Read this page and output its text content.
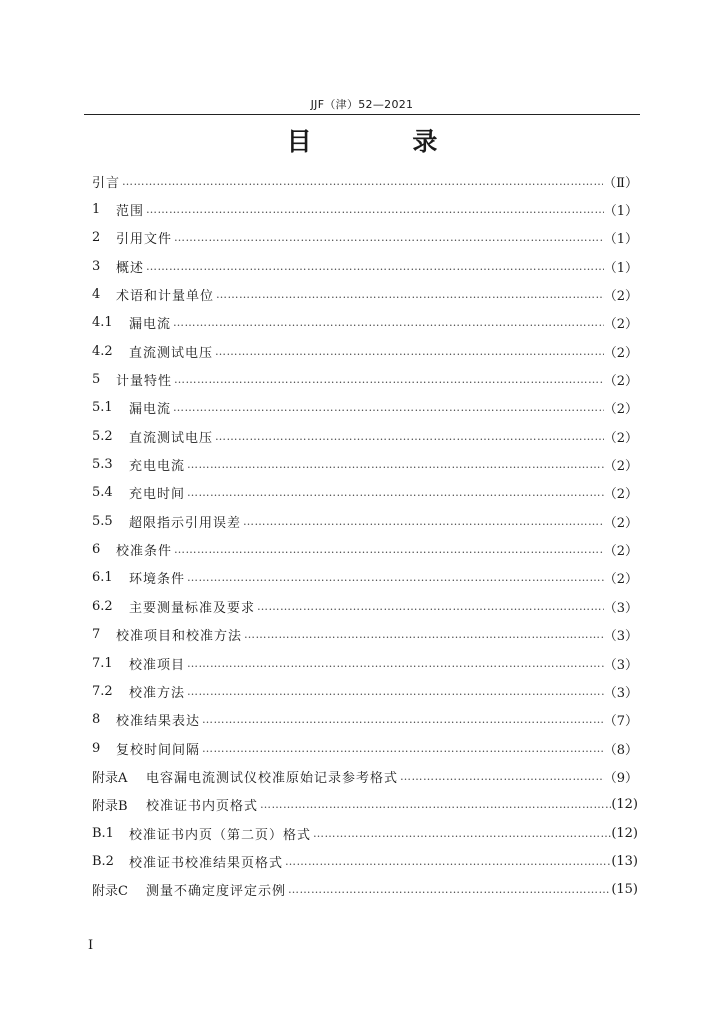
JJF（津）52—2021
目 录
引言 ……………………………………………………………………………………………………………………………………………………………………	（Ⅱ）
1	范围 ……………………………………………………………………………………………………………………………………………………………………	（1）
2	引用文件 ……………………………………………………………………………………………………………………………………………………………………	（1）
3	概述 ……………………………………………………………………………………………………………………………………………………………………	（1）
4	术语和计量单位 ……………………………………………………………………………………………………………………………………………………………………	（2）
4.1	漏电流 ……………………………………………………………………………………………………………………………………………………………………	（2）
4.2	直流测试电压 ……………………………………………………………………………………………………………………………………………………………………	（2）
5	计量特性 ……………………………………………………………………………………………………………………………………………………………………	（2）
5.1	漏电流 ……………………………………………………………………………………………………………………………………………………………………	（2）
5.2	直流测试电压 ……………………………………………………………………………………………………………………………………………………………………	（2）
5.3	充电电流 ……………………………………………………………………………………………………………………………………………………………………	（2）
5.4	充电时间 ……………………………………………………………………………………………………………………………………………………………………	（2）
5.5	超限指示引用误差 ……………………………………………………………………………………………………………………………………………………………………	（2）
6	校准条件 ……………………………………………………………………………………………………………………………………………………………………	（2）
6.1	环境条件 ……………………………………………………………………………………………………………………………………………………………………	（2）
6.2	主要测量标准及要求 ……………………………………………………………………………………………………………………………………………………………………	（3）
7	校准项目和校准方法 ……………………………………………………………………………………………………………………………………………………………………	（3）
7.1	校准项目 ……………………………………………………………………………………………………………………………………………………………………	（3）
7.2	校准方法 ……………………………………………………………………………………………………………………………………………………………………	（3）
8	校准结果表达 ……………………………………………………………………………………………………………………………………………………………………	（7）
9	复校时间间隔 ……………………………………………………………………………………………………………………………………………………………………	（8）
附录A	电容漏电流测试仪校准原始记录参考格式 ……………………………………………………………………………………………………………………………………………………………………	（9）
附录B	校准证书内页格式 ……………………………………………………………………………………………………………………………………………………………………	(12)
B.1	校准证书内页（第二页）格式 ……………………………………………………………………………………………………………………………………………………………………	(12)
B.2	校准证书校准结果页格式 ……………………………………………………………………………………………………………………………………………………………………	(13)
附录C	测量不确定度评定示例 ……………………………………………………………………………………………………………………………………………………………………	(15)
I
